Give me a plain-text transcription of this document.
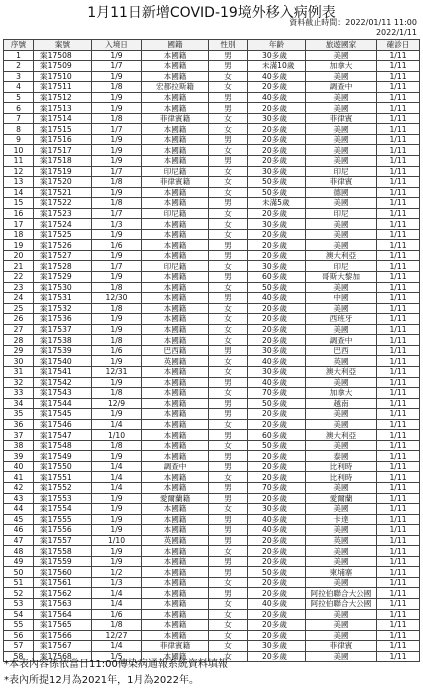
1月11日新增COVID-19境外移入病例表
資料截止時間：2022/01/11 11:00
2022/1/11
序號	案號	入境日	國籍	性別	年齡	旅遊國家	確診日
1	案17508	1/9	本國籍	男	30多歲	美國	1/11
2	案17509	1/7	本國籍	男	未滿10歲	加拿大	1/11
3	案17510	1/9	本國籍	女	40多歲	美國	1/11
4	案17511	1/8	宏都拉斯籍	女	20多歲	調查中	1/11
5	案17512	1/9	本國籍	男	40多歲	美國	1/11
6	案17513	1/9	本國籍	男	20多歲	美國	1/11
7	案17514	1/8	菲律賓籍	女	30多歲	菲律賓	1/11
8	案17515	1/7	本國籍	女	20多歲	美國	1/11
9	案17516	1/9	本國籍	男	20多歲	美國	1/11
10	案17517	1/9	本國籍	女	20多歲	美國	1/11
11	案17518	1/9	本國籍	男	20多歲	美國	1/11
12	案17519	1/7	印尼籍	女	30多歲	印尼	1/11
13	案17520	1/8	菲律賓籍	女	50多歲	菲律賓	1/11
14	案17521	1/9	本國籍	女	50多歲	德國	1/11
15	案17522	1/8	本國籍	男	未滿5歲	美國	1/11
16	案17523	1/7	印尼籍	女	20多歲	印尼	1/11
17	案17524	1/3	本國籍	女	30多歲	美國	1/11
18	案17525	1/9	本國籍	女	20多歲	美國	1/11
19	案17526	1/6	本國籍	男	20多歲	美國	1/11
20	案17527	1/9	本國籍	男	20多歲	澳大利亞	1/11
21	案17528	1/7	印尼籍	女	30多歲	印尼	1/11
22	案17529	1/9	本國籍	男	60多歲	哥斯大黎加	1/11
23	案17530	1/8	本國籍	女	50多歲	美國	1/11
24	案17531	12/30	本國籍	男	40多歲	中國	1/11
25	案17532	1/8	本國籍	女	20多歲	美國	1/11
26	案17536	1/9	本國籍	女	20多歲	西班牙	1/11
27	案17537	1/9	本國籍	女	20多歲	美國	1/11
28	案17538	1/8	本國籍	女	20多歲	調查中	1/11
29	案17539	1/6	巴西籍	男	30多歲	巴西	1/11
30	案17540	1/9	英國籍	女	40多歲	英國	1/11
31	案17541	12/31	本國籍	女	30多歲	澳大利亞	1/11
32	案17542	1/9	本國籍	男	40多歲	美國	1/11
33	案17543	1/8	本國籍	女	70多歲	加拿大	1/11
34	案17544	12/9	本國籍	男	50多歲	越南	1/11
35	案17545	1/9	本國籍	男	20多歲	美國	1/11
36	案17546	1/4	本國籍	女	20多歲	美國	1/11
37	案17547	1/10	本國籍	男	60多歲	澳大利亞	1/11
38	案17548	1/8	本國籍	女	50多歲	美國	1/11
39	案17549	1/9	本國籍	男	20多歲	泰國	1/11
40	案17550	1/4	調查中	男	20多歲	比利時	1/11
41	案17551	1/4	本國籍	女	20多歲	比利時	1/11
42	案17552	1/4	本國籍	男	70多歲	美國	1/11
43	案17553	1/9	愛爾蘭籍	男	20多歲	愛爾蘭	1/11
44	案17554	1/9	本國籍	女	30多歲	美國	1/11
45	案17555	1/9	本國籍	男	40多歲	卡達	1/11
46	案17556	1/9	本國籍	男	40多歲	美國	1/11
47	案17557	1/10	英國籍	男	20多歲	英國	1/11
48	案17558	1/9	本國籍	女	20多歲	美國	1/11
49	案17559	1/9	本國籍	男	20多歲	美國	1/11
50	案17560	1/2	本國籍	男	50多歲	柬埔寨	1/11
51	案17561	1/3	本國籍	女	20多歲	美國	1/11
52	案17562	1/4	本國籍	男	20多歲	阿拉伯聯合大公國	1/11
53	案17563	1/4	本國籍	女	40多歲	阿拉伯聯合大公國	1/11
54	案17564	1/6	本國籍	女	20多歲	美國	1/11
55	案17565	1/8	本國籍	女	20多歲	美國	1/11
56	案17566	12/27	本國籍	女	20多歲	美國	1/11
57	案17567	1/4	菲律賓籍	女	30多歲	菲律賓	1/11
58	案17568	1/5	本國籍	女	20多歲	美國	1/11
*本表內容係依當日11:00傳染病通報系統資料填報
*表內所提12月為2021年，1月為2022年。
